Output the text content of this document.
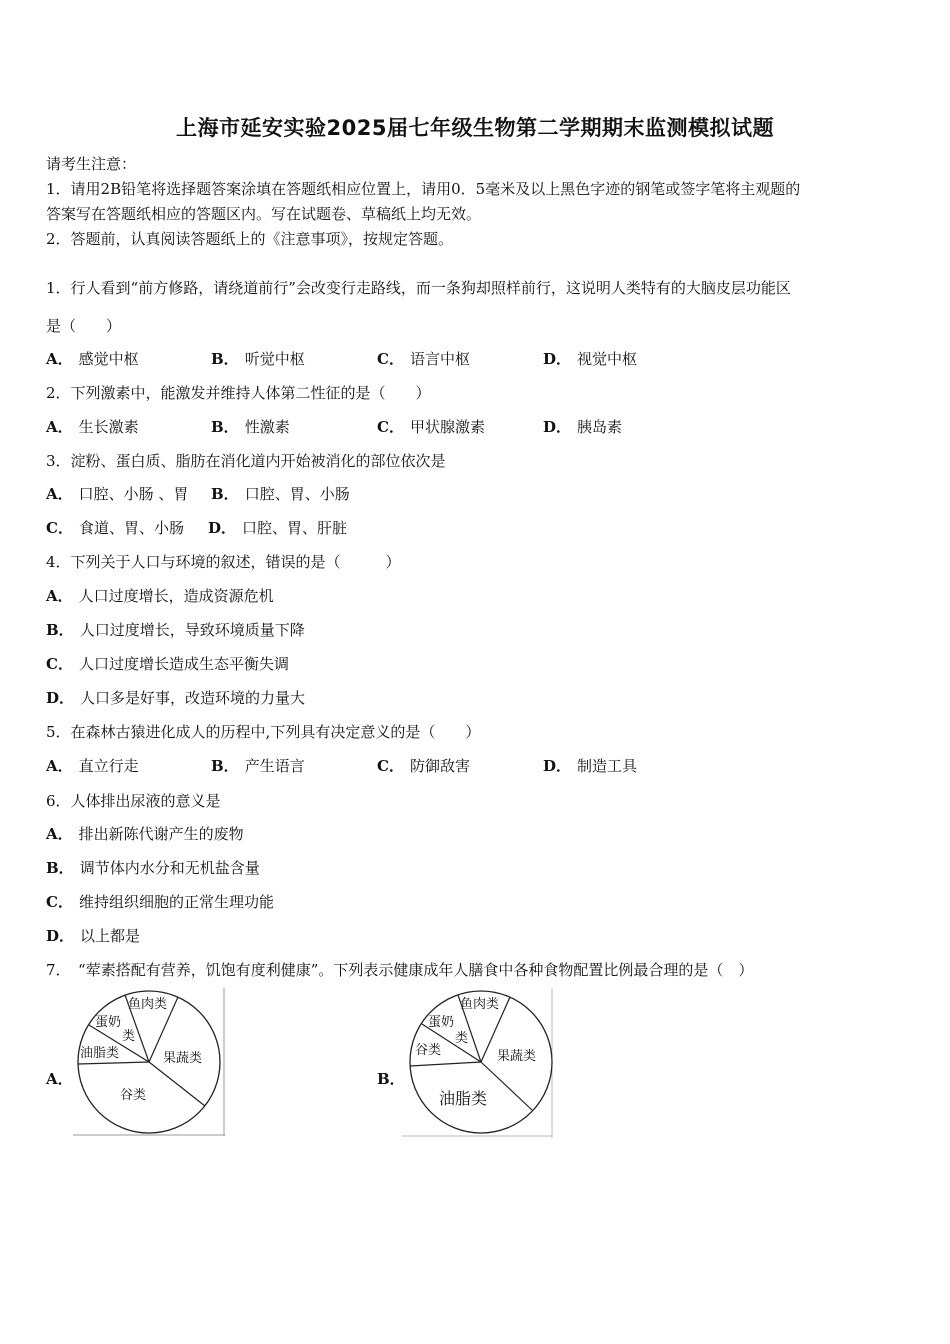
上海市延安实验2025届七年级生物第二学期期末监测模拟试题
请考生注意：
1．请用2B铅笔将选择题答案涂填在答题纸相应位置上，请用0．5毫米及以上黑色字迹的钢笔或签字笔将主观题的
答案写在答题纸相应的答题区内。写在试题卷、草稿纸上均无效。
2．答题前，认真阅读答题纸上的《注意事项》，按规定答题。
1．行人看到“前方修路，请绕道前行”会改变行走路线，而一条狗却照样前行，这说明人类特有的大脑皮层功能区
是（　　）
A． 感觉中枢	B． 听觉中枢	C． 语言中枢	D． 视觉中枢
2．下列激素中，能激发并维持人体第二性征的是（　　）
A． 生长激素	B． 性激素	C． 甲状腺激素	D． 胰岛素
3．淀粉、蛋白质、脂肪在消化道内开始被消化的部位依次是
A． 口腔、小肠 、胃 B． 口腔、胃、小肠
C． 食道、胃、小肠 D． 口腔、胃、肝脏
4．下列关于人口与环境的叙述，错误的是（　　　）
A． 人口过度增长，造成资源危机
B． 人口过度增长，导致环境质量下降
C． 人口过度增长造成生态平衡失调
D． 人口多是好事，改造环境的力量大
5．在森林古猿进化成人的历程中,下列具有决定意义的是（　　）
A． 直立行走	B． 产生语言	C． 防御敌害	D． 制造工具
6．人体排出尿液的意义是
A． 排出新陈代谢产生的废物
B． 调节体内水分和无机盐含量
C． 维持组织细胞的正常生理功能
D． 以上都是
7．　“荤素搭配有营养，饥饱有度利健康”。下列表示健康成年人膳食中各种食物配置比例最合理的是（　）
A．
鱼肉类
蛋奶
类
油脂类	果蔬类
谷类
B．
鱼肉类
蛋奶
类
谷类	果蔬类
油脂类
